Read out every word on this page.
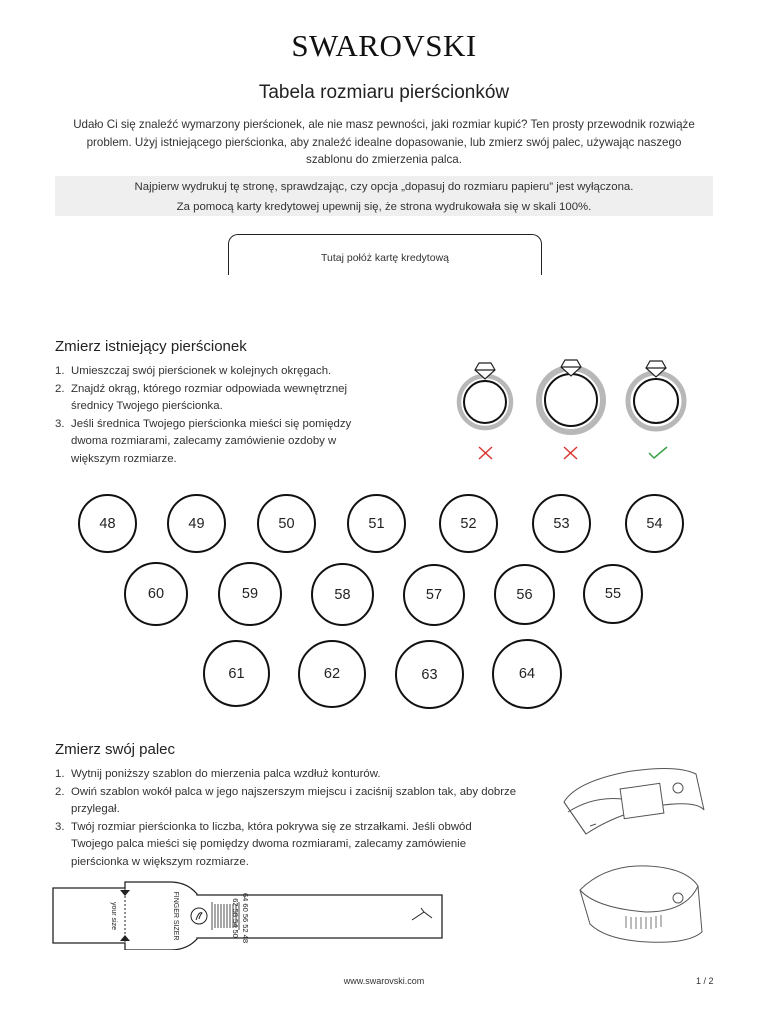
SWAROVSKI
Tabela rozmiaru pierścionków
Udało Ci się znaleźć wymarzony pierścionek, ale nie masz pewności, jaki rozmiar kupić? Ten prosty przewodnik rozwiąże problem. Użyj istniejącego pierścionka, aby znaleźć idealne dopasowanie, lub zmierz swój palec, używając naszego szablonu do zmierzenia palca.

Najpierw wydrukuj tę stronę, sprawdzając, czy opcja „dopasuj do rozmiaru papieru” jest wyłączona.

Za pomocą karty kredytowej upewnij się, że strona wydrukowała się w skali 100%.

Tutaj połóż kartę kredytową
Zmierz istniejący pierścionek
1. Umieszczaj swój pierścionek w kolejnych okręgach.
2. Znajdź okrąg, którego rozmiar odpowiada wewnętrznej średnicy Twojego pierścionka.
3. Jeśli średnica Twojego pierścionka mieści się pomiędzy dwoma rozmiarami, zalecamy zamówienie ozdoby w większym rozmiarze.
48	49	50	51	52	53	54
60	59	58	57	56	55
61	62	63	64
Zmierz swój palec
1. Wytnij poniższy szablon do mierzenia palca wzdłuż konturów.
2. Owiń szablon wokół palca w jego najszerszym miejscu i zaciśnij szablon tak, aby dobrze przylegał.
3. Twój rozmiar pierścionka to liczba, która pokrywa się ze strzałkami. Jeśli obwód Twojego palca mieści się pomiędzy dwoma rozmiarami, zalecamy zamówienie pierścionka w większym rozmiarze.
your size	FINGER SIZER	64 60 56 52 48
62 58 54 50
www.swarovski.com	1 / 2
